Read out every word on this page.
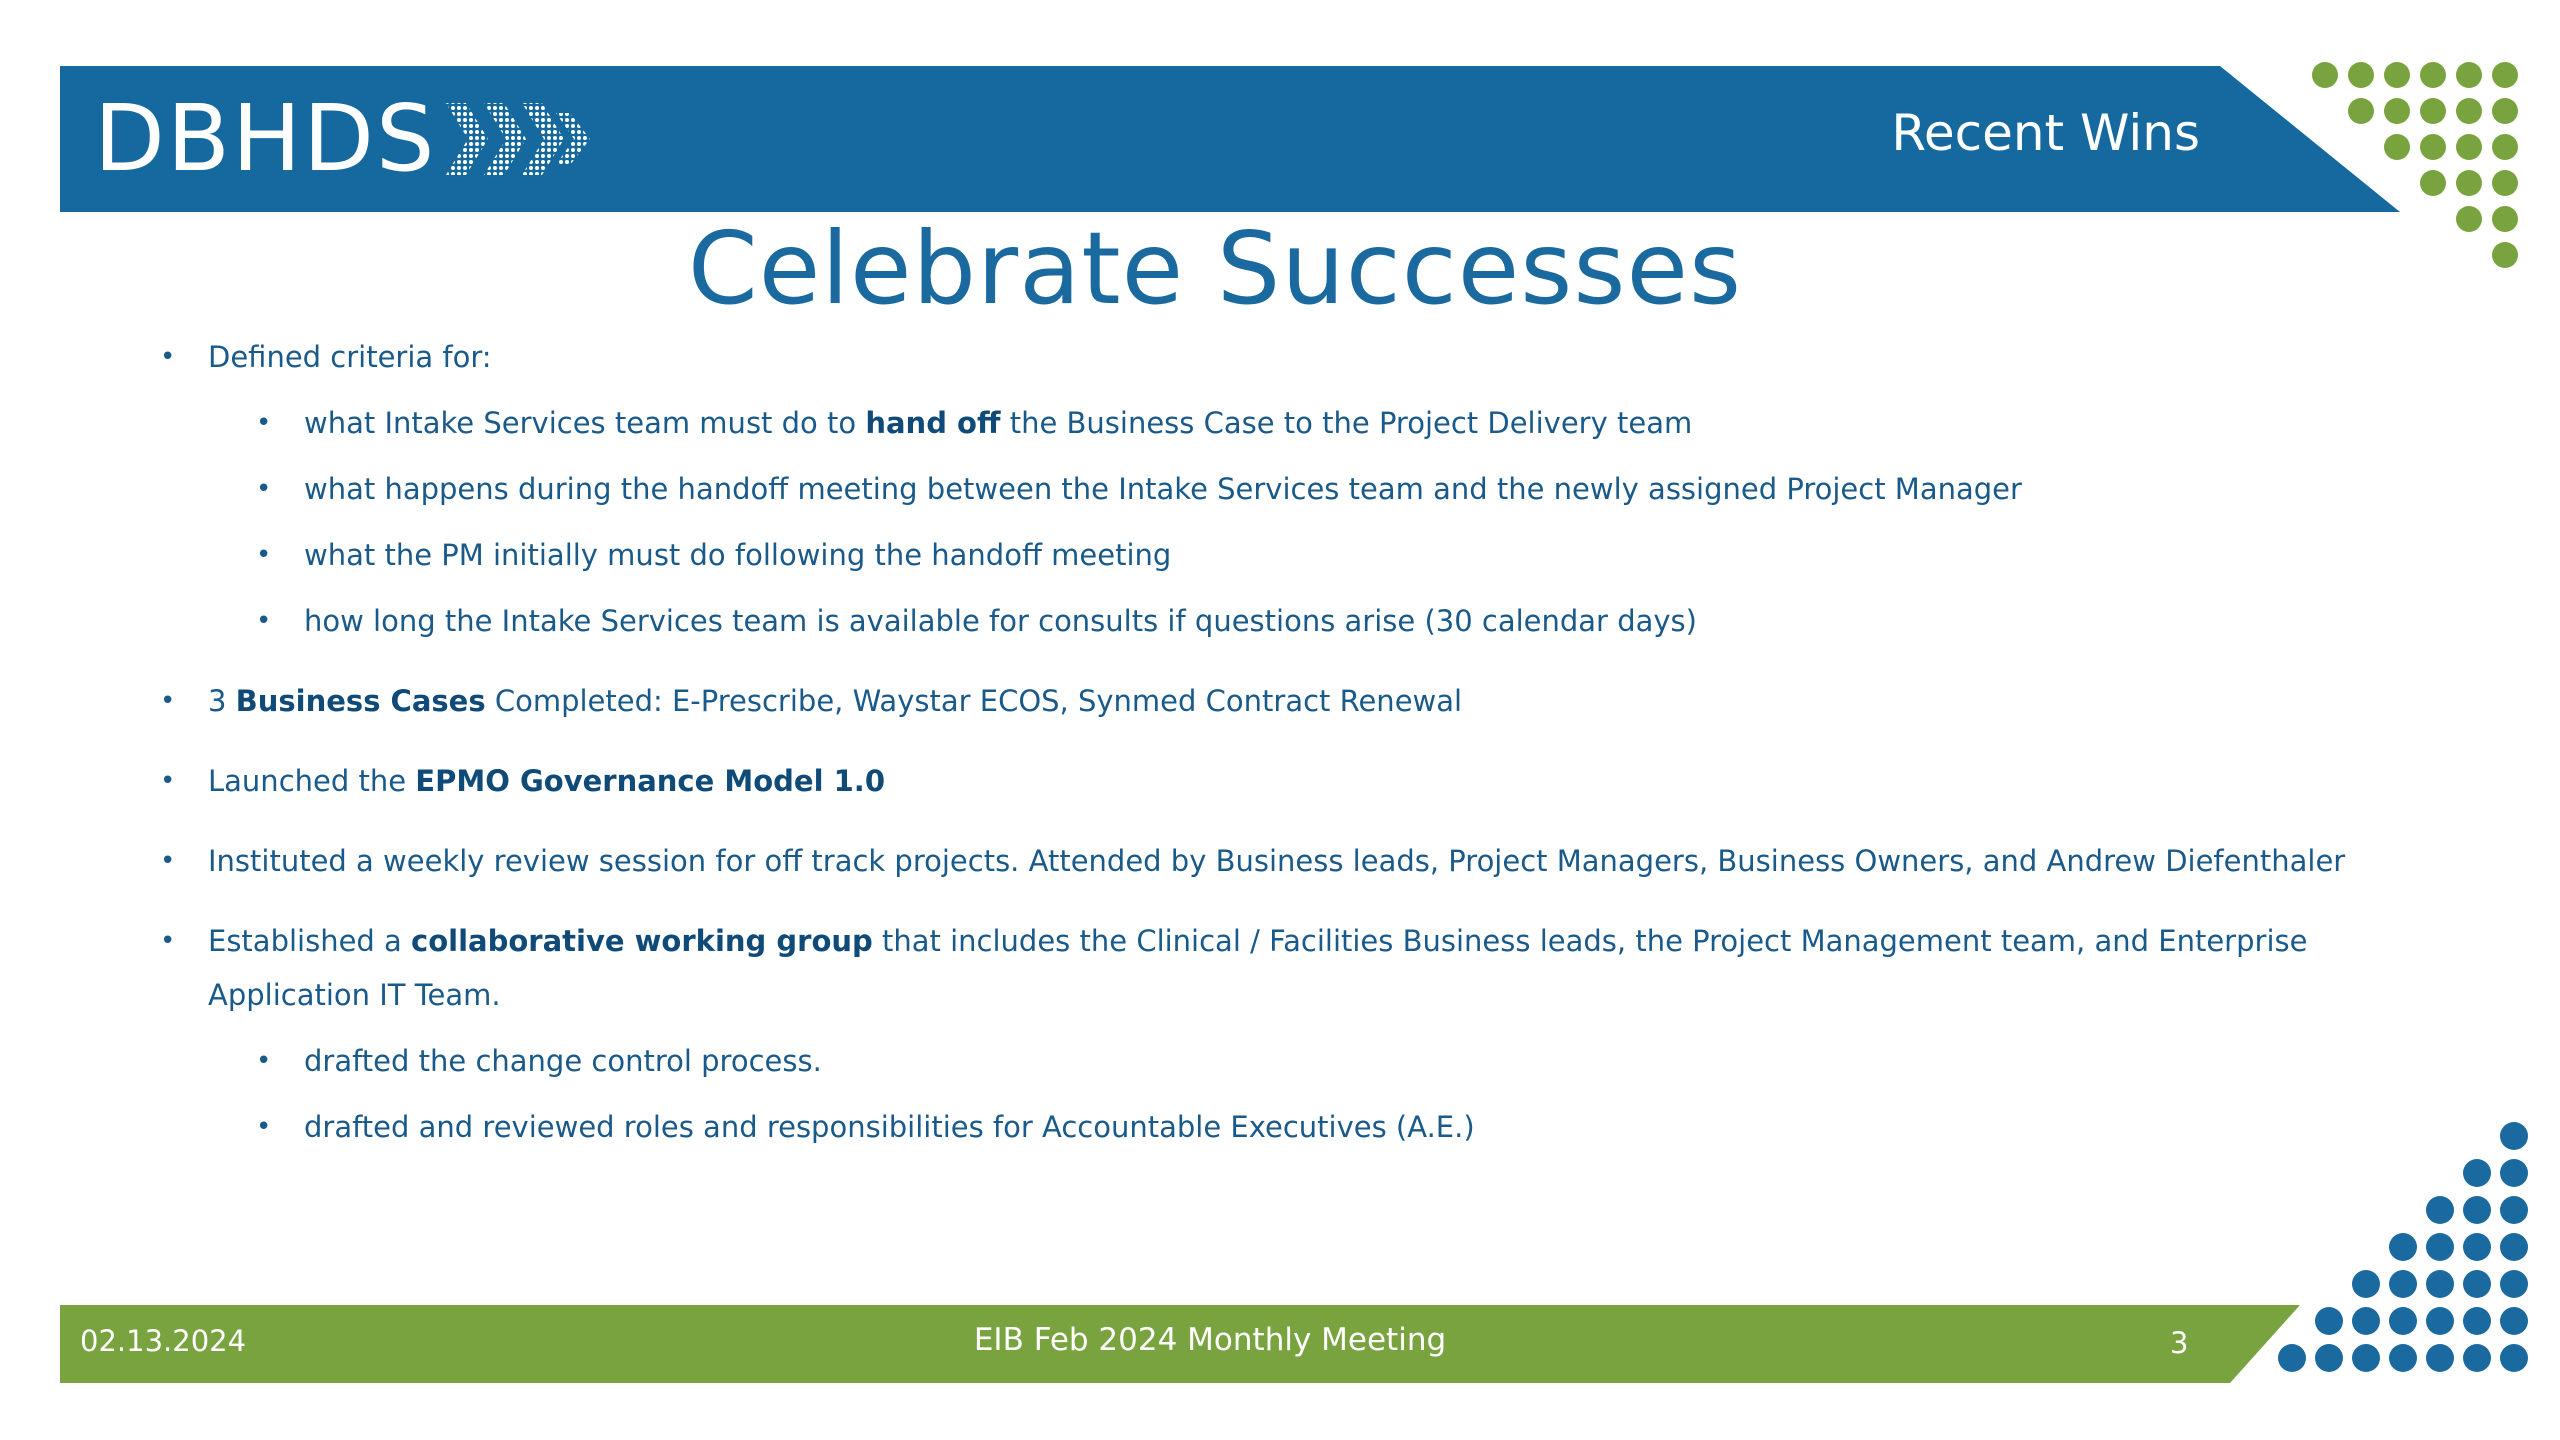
DBHDS	Recent Wins
Celebrate Successes
• Defined criteria for:
• what Intake Services team must do to hand off the Business Case to the Project Delivery team
• what happens during the handoff meeting between the Intake Services team and the newly assigned Project Manager
• what the PM initially must do following the handoff meeting
• how long the Intake Services team is available for consults if questions arise (30 calendar days)
• 3 Business Cases Completed: E-Prescribe, Waystar ECOS, Synmed Contract Renewal
• Launched the EPMO Governance Model 1.0
• Instituted a weekly review session for off track projects. Attended by Business leads, Project Managers, Business Owners, and Andrew Diefenthaler
• Established a collaborative working group that includes the Clinical / Facilities Business leads, the Project Management team, and Enterprise Application IT Team.
• drafted the change control process.
• drafted and reviewed roles and responsibilities for Accountable Executives (A.E.)
02.13.2024	EIB Feb 2024 Monthly Meeting	3
